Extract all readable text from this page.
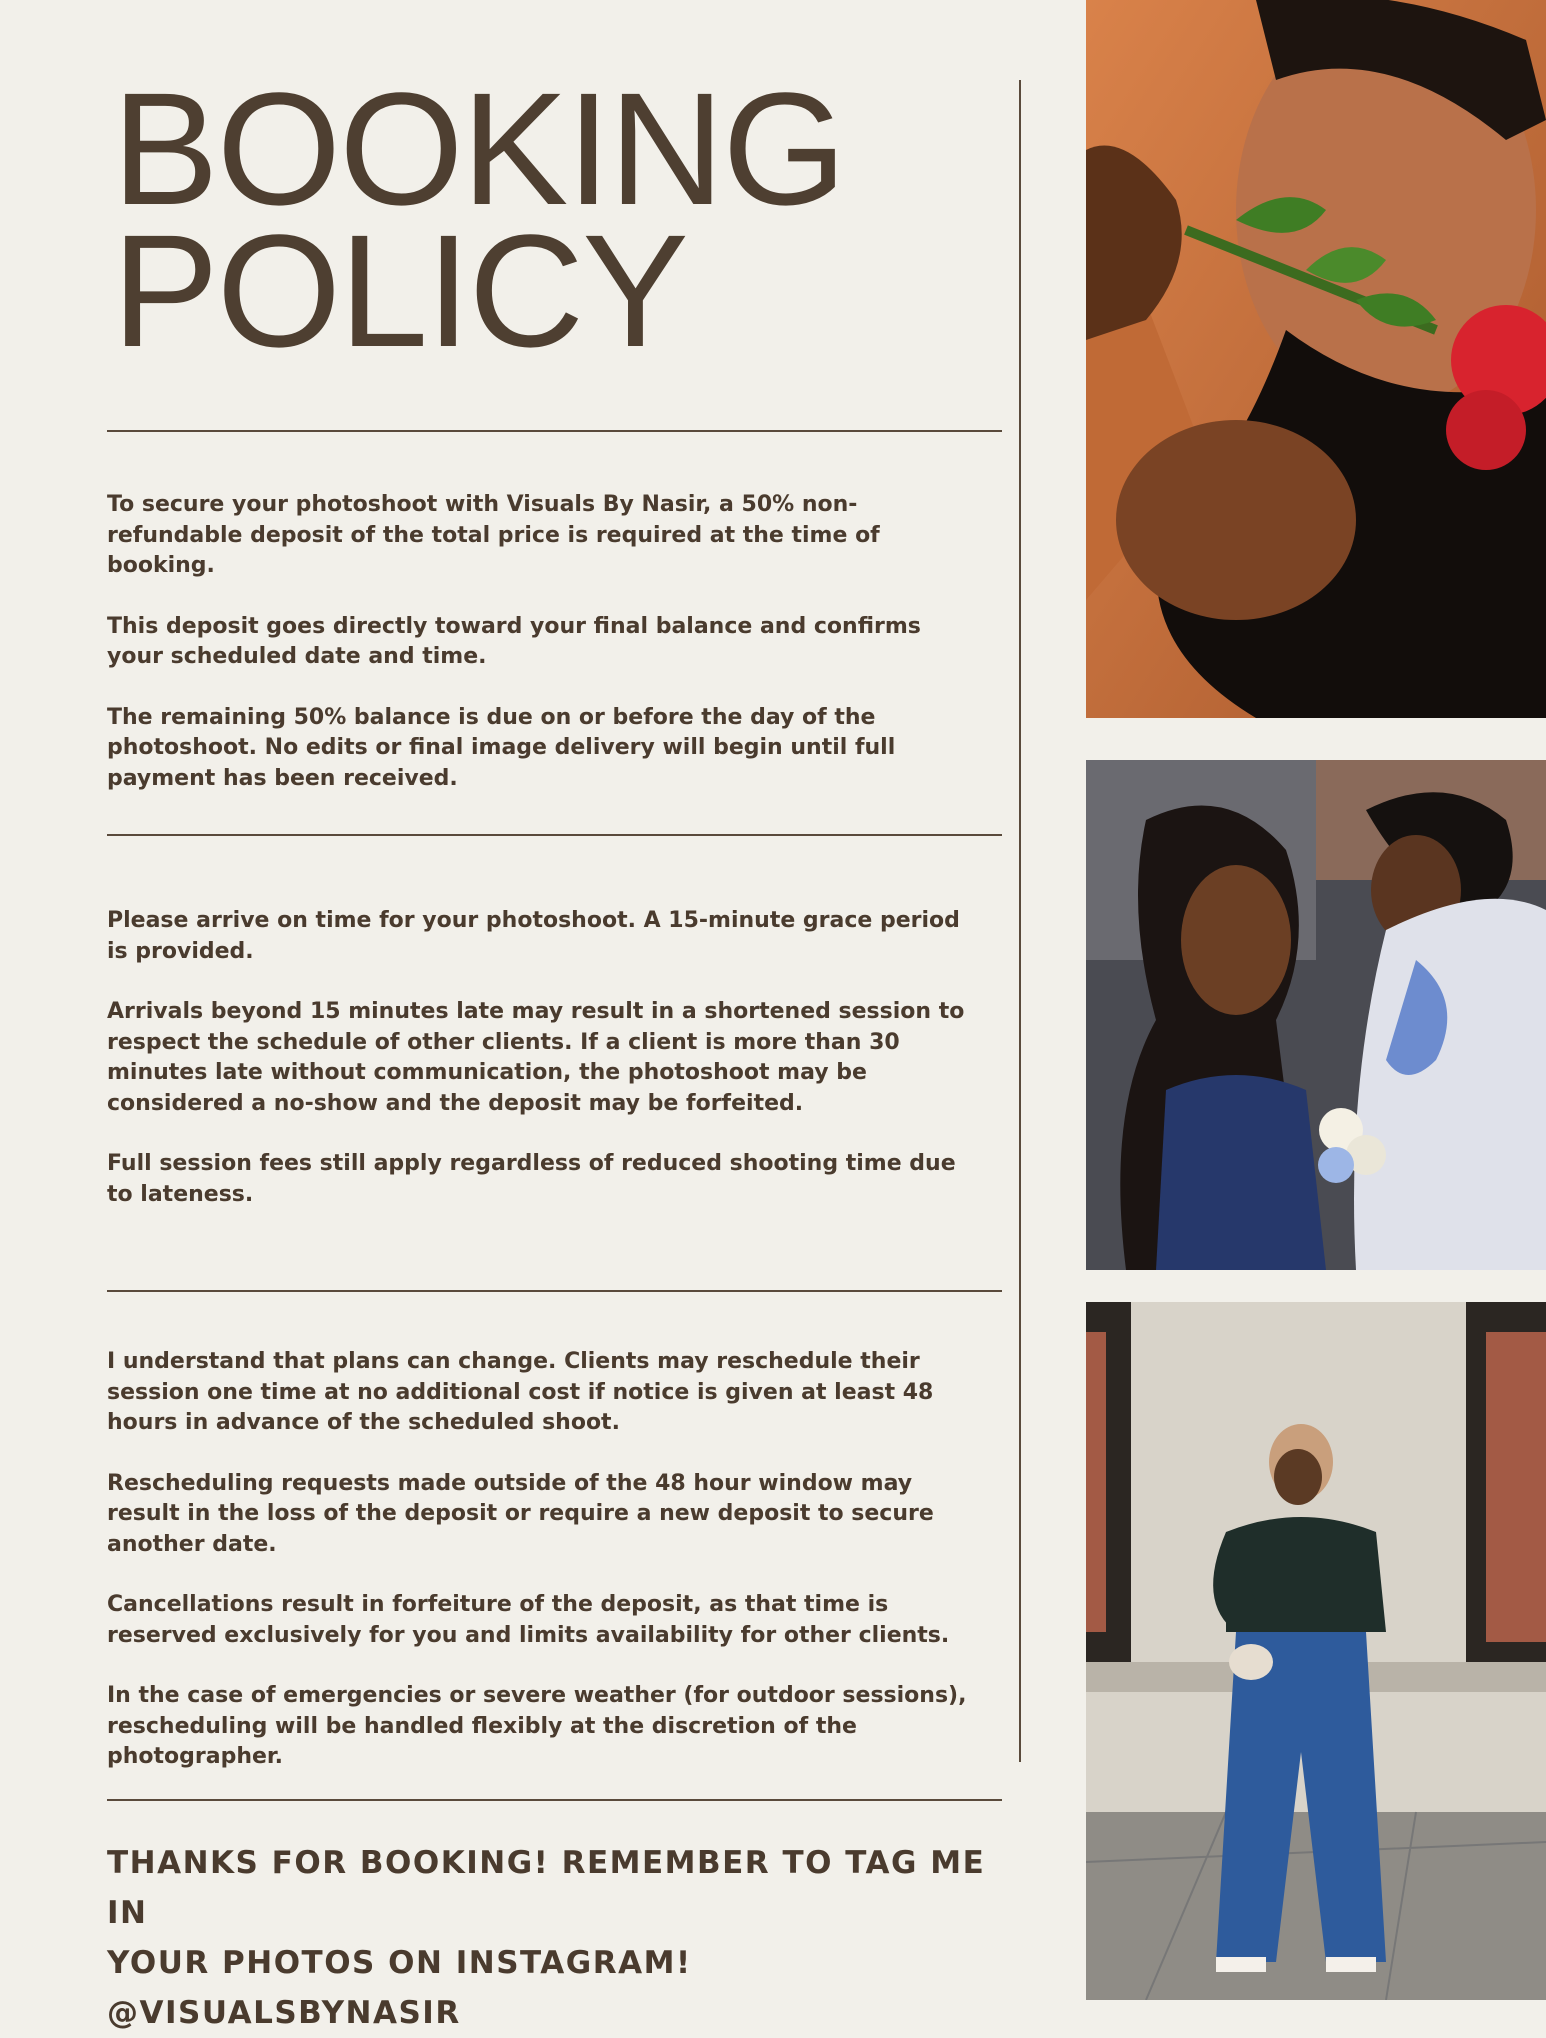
BOOKING
POLICY

To secure your photoshoot with Visuals By Nasir, a 50% non-refundable deposit of the total price is required at the time of booking.

This deposit goes directly toward your final balance and confirms your scheduled date and time.

The remaining 50% balance is due on or before the day of the photoshoot. No edits or final image delivery will begin until full payment has been received.

Please arrive on time for your photoshoot. A 15-minute grace period is provided.

Arrivals beyond 15 minutes late may result in a shortened session to respect the schedule of other clients. If a client is more than 30 minutes late without communication, the photoshoot may be considered a no-show and the deposit may be forfeited.

Full session fees still apply regardless of reduced shooting time due to lateness.

I understand that plans can change. Clients may reschedule their session one time at no additional cost if notice is given at least 48 hours in advance of the scheduled shoot.

Rescheduling requests made outside of the 48 hour window may result in the loss of the deposit or require a new deposit to secure another date.

Cancellations result in forfeiture of the deposit, as that time is reserved exclusively for you and limits availability for other clients.

In the case of emergencies or severe weather (for outdoor sessions), rescheduling will be handled flexibly at the discretion of the photographer.

THANKS FOR BOOKING! REMEMBER TO TAG ME IN
YOUR PHOTOS ON INSTAGRAM! @VISUALSBYNASIR
